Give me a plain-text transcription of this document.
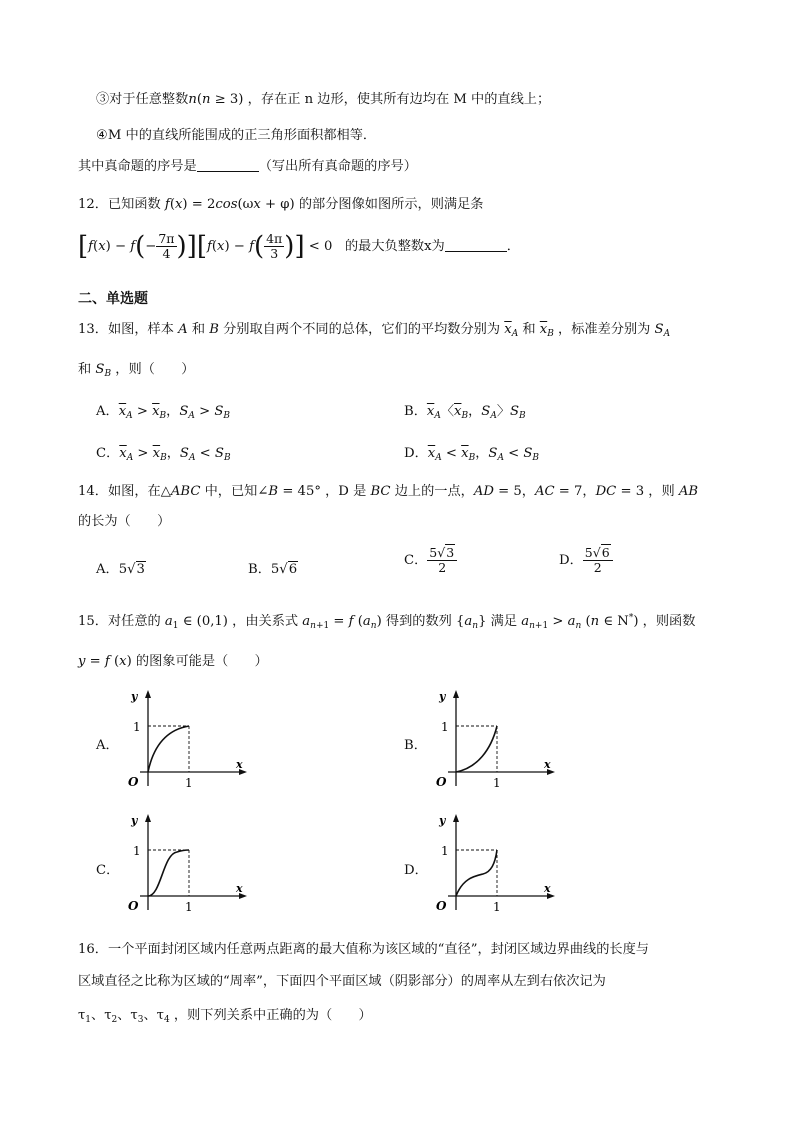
③对于任意整数n(n ≥ 3) ，存在正 n 边形，使其所有边均在 M 中的直线上；
④M 中的直线所能围成的正三角形面积都相等．
其中真命题的序号是	（写出所有真命题的序号）
12．已知函数 f(x) = 2cos(ωx + φ) 的部分图像如图所示，则满足条
$[f(x) - f(- \frac{7\pi}{4} )][f(x) - f( \frac{4\pi}{3}$ )] < 0   的最大负整数x为	．
二、单选题
13．如图，样本 A 和 B 分别取自两个不同的总体，它们的平均数分别为 $\overline{x}_A$ 和 $\overline{x}_B$ ，标准差分别为 $S_A$
和 $S_B$ ，则（　　）
A．$\overline{x}_A > \overline{x}_B$，$S_A > S_B$	B．$\overline{x}_A$〈$\overline{x}_B$，$S_A$〉$S_B$
C．$\overline{x}_A > \overline{x}_B$，$S_A < S_B$	D．$\overline{x}_A < \overline{x}_B$，$S_A < S_B$
14．如图，在△ABC 中，已知∠B = 45° ，D 是 BC 边上的一点，AD = 5，AC = 7，DC = 3 ，则 AB
的长为（　　）
A．5√3	B．5√6
C． $\frac{5√3}{2}$	D． $\frac{5√6}{2}$
15．对任意的 $a_1$ ∈ (0,1) ，由关系式 $a_{n+1} = f$ $(a_n)$ 得到的数列 $\{a_n\}$ 满足 $a_{n+1} > a_n$ (n ∈ N*) ，则函数
y = f (x) 的图象可能是（　　）
A．	B．
C．	D．
y
x
O
1
1
y
x
O
1
1
y
x
O
1
1
y
x
O
1
1
16．一个平面封闭区域内任意两点距离的最大值称为该区域的“直径”，封闭区域边界曲线的长度与
区域直径之比称为区域的“周率”，下面四个平面区域（阴影部分）的周率从左到右依次记为
$\tau_1$、$\tau_2$、$\tau_3$、$\tau_4$ ，则下列关系中正确的为（　　）
